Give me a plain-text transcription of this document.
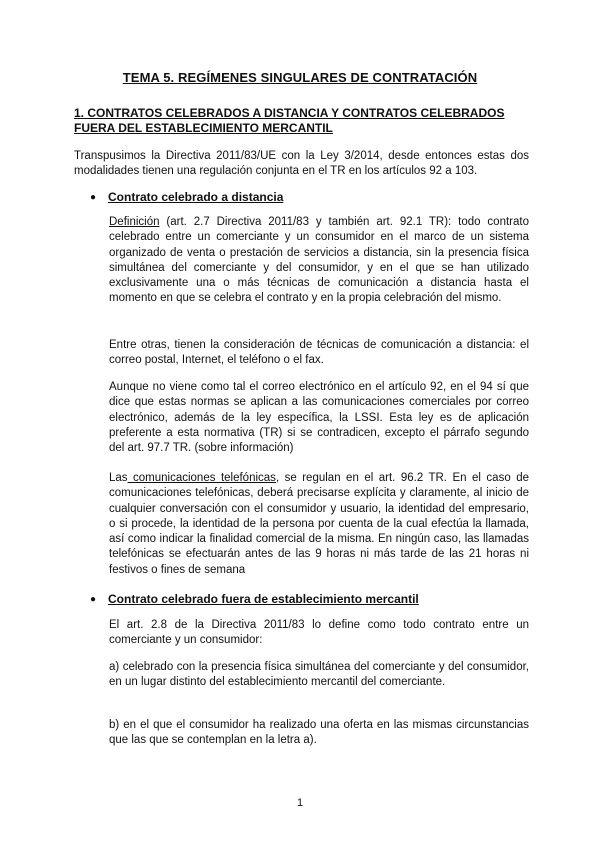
TEMA 5. REGÍMENES SINGULARES DE CONTRATACIÓN
1. CONTRATOS CELEBRADOS A DISTANCIA Y CONTRATOS CELEBRADOS FUERA DEL ESTABLECIMIENTO MERCANTIL
Transpusimos la Directiva 2011/83/UE con la Ley 3/2014, desde entonces estas dos modalidades tienen una regulación conjunta en el TR en los artículos 92 a 103.
● Contrato celebrado a distancia
Definición (art. 2.7 Directiva 2011/83 y también art. 92.1 TR): todo contrato celebrado entre un comerciante y un consumidor en el marco de un sistema organizado de venta o prestación de servicios a distancia, sin la presencia física simultánea del comerciante y del consumidor, y en el que se han utilizado exclusivamente una o más técnicas de comunicación a distancia hasta el momento en que se celebra el contrato y en la propia celebración del mismo.
Entre otras, tienen la consideración de técnicas de comunicación a distancia: el correo postal, Internet, el teléfono o el fax.
Aunque no viene como tal el correo electrónico en el artículo 92, en el 94 sí que dice que estas normas se aplican a las comunicaciones comerciales por correo electrónico, además de la ley específica, la LSSI. Esta ley es de aplicación preferente a esta normativa (TR) si se contradicen, excepto el párrafo segundo del art. 97.7 TR. (sobre información)
Las comunicaciones telefónicas, se regulan en el art. 96.2 TR. En el caso de comunicaciones telefónicas, deberá precisarse explícita y claramente, al inicio de cualquier conversación con el consumidor y usuario, la identidad del empresario, o si procede, la identidad de la persona por cuenta de la cual efectúa la llamada, así como indicar la finalidad comercial de la misma. En ningún caso, las llamadas telefónicas se efectuarán antes de las 9 horas ni más tarde de las 21 horas ni festivos o fines de semana
● Contrato celebrado fuera de establecimiento mercantil
El art. 2.8 de la Directiva 2011/83 lo define como todo contrato entre un comerciante y un consumidor:
a) celebrado con la presencia física simultánea del comerciante y del consumidor, en un lugar distinto del establecimiento mercantil del comerciante.
b) en el que el consumidor ha realizado una oferta en las mismas circunstancias que las que se contemplan en la letra a).
1
